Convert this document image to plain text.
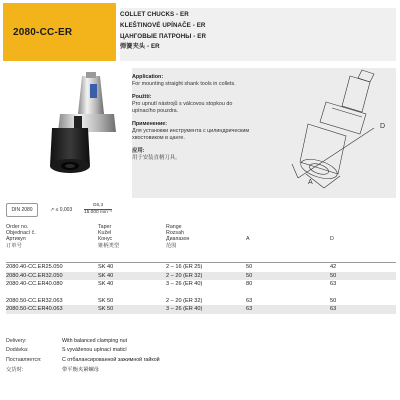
2080-CC-ER
COLLET CHUCKS - ER
KLEŠTINOVÉ UPÍNAČE - ER
ЦАНГОВЫЕ ПАТРОНЫ - ER
弹簧夹头 - ER
Application:
For mounting straight shank tools in collets.
Použití:
Pro upnutí nástrojů s válcovou stopkou do upínacího pouzdra.
Применение:
Для установки инструмента с цилиндрическим хвостовиком в цанге.
应用:
用于安装直柄刀具。
A
D
DIN 2080	↗ ≤ 0,003
G6,3
15.000 min⁻¹
Order no.
Objednací č.
Артикул
订单号
Taper
Kužel
Конус
锥柄类型
Range
Rozsah
Диапазон
范围
A	D
2080.40-CC.ER25.050	SK 40	2 – 16 (ER 25)	50	42
2080.40-CC.ER32.050	SK 40	2 – 20 (ER 32)	50	50
2080.40-CC.ER40.080	SK 40	3 – 26 (ER 40)	80	63
2080.50-CC.ER32.063	SK 50	2 – 20 (ER 32)	63	50
2080.50-CC.ER40.063	SK 50	3 – 26 (ER 40)	63	63
Delivery:	With balanced clamping nut
Dodávka:	S vyváženou upínací maticí
Поставляется:	С отбалансированной зажимной гайкой
交货时:	带平衡夹紧螺母
